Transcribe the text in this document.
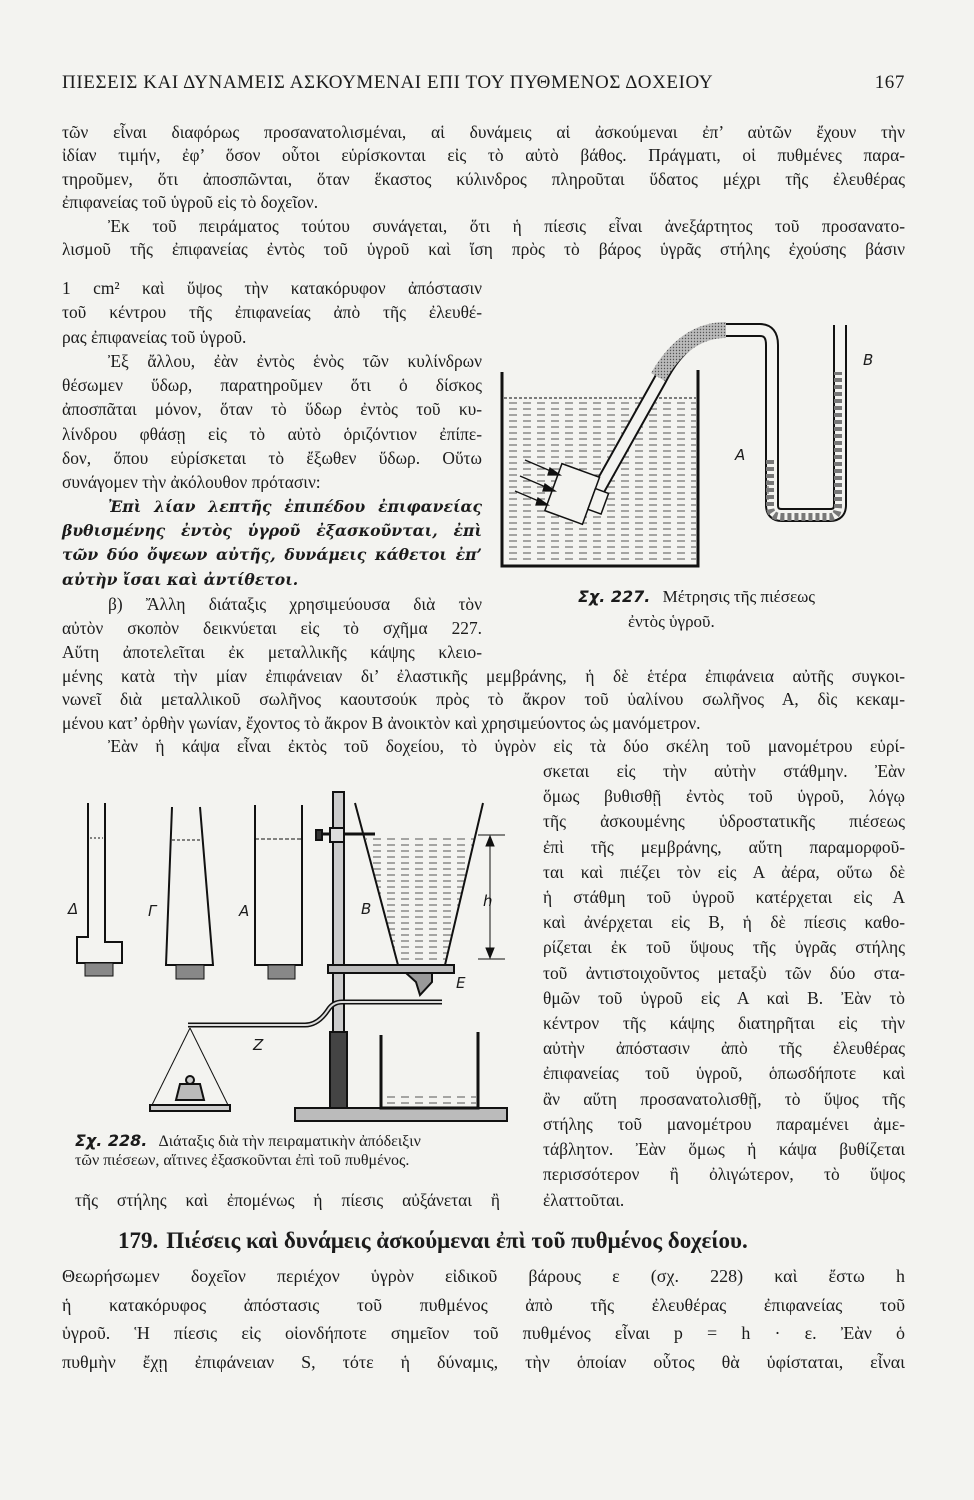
ΠΙΕΣΕΙΣ ΚΑΙ ΔΥΝΑΜΕΙΣ ΑΣΚΟΥΜΕΝΑΙ ΕΠΙ ΤΟΥ ΠΥΘΜΕΝΟΣ ΔΟΧΕΙΟΥ	167
τῶν εἶναι διαφόρως προσανατολισμέναι, αἱ δυνάμεις αἱ ἀσκούμεναι ἐπ’ αὐτῶν ἔχουν τὴν
ἰδίαν τιμήν, ἐφ’ ὅσον οὗτοι εὑρίσκονται εἰς τὸ αὐτὸ βάθος. Πράγματι, οἱ πυθμένες παρα-
τηροῦμεν, ὅτι ἀποσπῶνται, ὅταν ἕκαστος κύλινδρος πληροῦται ὕδατος μέχρι τῆς ἐλευθέρας
ἐπιφανείας τοῦ ὑγροῦ εἰς τὸ δοχεῖον.
Ἐκ τοῦ πειράματος τούτου συνάγεται, ὅτι ἡ πίεσις εἶναι ἀνεξάρτητος τοῦ προσανατο-
λισμοῦ τῆς ἐπιφανείας ἐντὸς τοῦ ὑγροῦ καὶ ἴση πρὸς τὸ βάρος ὑγρᾶς στήλης ἐχούσης βάσιν
1 cm² καὶ ὕψος τὴν κατακόρυφον ἀπόστασιν
τοῦ κέντρου τῆς ἐπιφανείας ἀπὸ τῆς ἐλευθέ-
ρας ἐπιφανείας τοῦ ὑγροῦ.
Ἐξ ἄλλου, ἐὰν ἐντὸς ἑνὸς τῶν κυλίνδρων
θέσωμεν ὕδωρ, παρατηροῦμεν ὅτι ὁ δίσκος
ἀποσπᾶται μόνον, ὅταν τὸ ὕδωρ ἐντὸς τοῦ κυ-
λίνδρου φθάσῃ εἰς τὸ αὐτὸ ὁριζόντιον ἐπίπε-
δον, ὅπου εὑρίσκεται τὸ ἔξωθεν ὕδωρ. Οὕτω
συνάγομεν τὴν ἀκόλουθον πρότασιν:
Ἐπὶ λίαν λεπτῆς ἐπιπέδου ἐπιφανείας
βυθισμένης ἐντὸς ὑγροῦ ἐξασκοῦνται, ἐπὶ
τῶν δύο ὄψεων αὐτῆς, δυνάμεις κάθετοι ἐπ’
αὐτὴν ἴσαι καὶ ἀντίθετοι.
β) Ἄλλη διάταξις χρησιμεύουσα διὰ τὸν
αὐτὸν σκοπὸν δεικνύεται εἰς τὸ σχῆμα 227.
Αὕτη ἀποτελεῖται ἐκ μεταλλικῆς κάψης κλειο-
μένης κατὰ τὴν μίαν ἐπιφάνειαν δι’ ἐλαστικῆς μεμβράνης, ἡ δὲ ἑτέρα ἐπιφάνεια αὐτῆς συγκοι-
νωνεῖ διὰ μεταλλικοῦ σωλῆνος καουτσούκ πρὸς τὸ ἄκρον τοῦ ὑαλίνου σωλῆνος Α, δὶς κεκαμ-
μένου κατ’ ὀρθὴν γωνίαν, ἔχοντος τὸ ἄκρον Β ἀνοικτὸν καὶ χρησιμεύοντος ὡς μανόμετρον.
Ἐὰν ἡ κάψα εἶναι ἐκτὸς τοῦ δοχείου, τὸ ὑγρὸν εἰς τὰ δύο σκέλη τοῦ μανομέτρου εὑρί-
σκεται εἰς τὴν αὐτὴν στάθμην. Ἐὰν
ὅμως βυθισθῇ ἐντὸς τοῦ ὑγροῦ, λόγῳ
τῆς ἀσκουμένης ὑδροστατικῆς πιέσεως
ἐπὶ τῆς μεμβράνης, αὕτη παραμορφοῦ-
ται καὶ πιέζει τὸν εἰς Α ἀέρα, οὕτω δὲ
ἡ στάθμη τοῦ ὑγροῦ κατέρχεται εἰς Α
καὶ ἀνέρχεται εἰς Β, ἡ δὲ πίεσις καθο-
ρίζεται ἐκ τοῦ ὕψους τῆς ὑγρᾶς στήλης
τοῦ ἀντιστοιχοῦντος μεταξὺ τῶν δύο στα-
θμῶν τοῦ ὑγροῦ εἰς Α καὶ Β. Ἐὰν τὸ
κέντρον τῆς κάψης διατηρῆται εἰς τὴν
αὐτὴν ἀπόστασιν ἀπὸ τῆς ἐλευθέρας
ἐπιφανείας τοῦ ὑγροῦ, ὁπωσδήποτε καὶ
ἂν αὕτη προσανατολισθῇ, τὸ ὕψος τῆς
στήλης τοῦ μανομέτρου παραμένει ἀμε-
τάβλητον. Ἐὰν ὅμως ἡ κάψα βυθίζεται
περισσότερον ἢ ὀλιγώτερον, τὸ ὕψος
τῆς στήλης καὶ ἐπομένως ἡ πίεσις αὐξάνεται ἢ ἐλαττοῦται.
179. Πιέσεις καὶ δυνάμεις ἀσκούμεναι ἐπὶ τοῦ πυθμένος δοχείου.
Θεωρήσωμεν δοχεῖον περιέχον ὑγρὸν εἰδικοῦ βάρους ε (σχ. 228) καὶ ἔστω h
ἡ κατακόρυφος ἀπόστασις τοῦ πυθμένος ἀπὸ τῆς ἐλευθέρας ἐπιφανείας τοῦ
ὑγροῦ. Ἡ πίεσις εἰς οἱονδήποτε σημεῖον τοῦ πυθμένος εἶναι p = h · ε. Ἐὰν ὁ
πυθμὴν ἔχῃ ἐπιφάνειαν S, τότε ἡ δύναμις, τὴν ὁποίαν οὗτος θὰ ὑφίσταται, εἶναι
A
B
Σχ. 227. Μέτρησις τῆς πιέσεως
ἐντὸς ὑγροῦ.
Δ	Γ	A	B	h
E
Z
Σχ. 228. Διάταξις διὰ τὴν πειραματικὴν ἀπόδειξιν
τῶν πιέσεων, αἵτινες ἐξασκοῦνται ἐπὶ τοῦ πυθμένος.
